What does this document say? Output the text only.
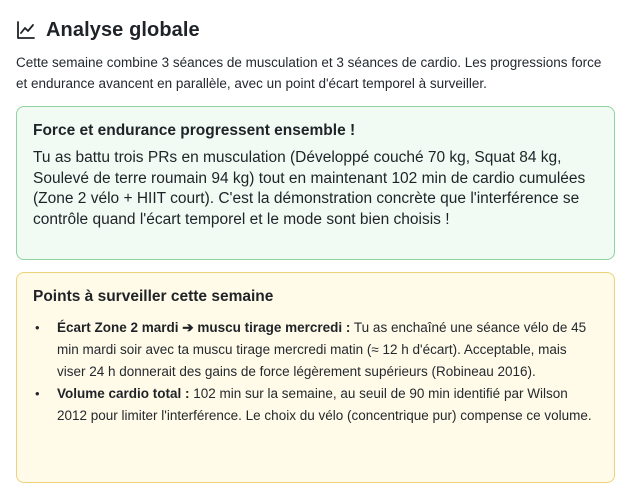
Analyse globale

Cette semaine combine 3 séances de musculation et 3 séances de cardio. Les progressions force et endurance avancent en parallèle, avec un point d'écart temporel à surveiller.

Force et endurance progressent ensemble !
Tu as battu trois PRs en musculation (Développé couché 70 kg, Squat 84 kg, Soulevé de terre roumain 94 kg) tout en maintenant 102 min de cardio cumulées (Zone 2 vélo + HIIT court). C'est la démonstration concrète que l'interférence se contrôle quand l'écart temporel et le mode sont bien choisis !
Points à surveiller cette semaine
• Écart Zone 2 mardi ➔ muscu tirage mercredi : Tu as enchaîné une séance vélo de 45 min mardi soir avec ta muscu tirage mercredi matin (≈ 12 h d'écart). Acceptable, mais viser 24 h donnerait des gains de force légèrement supérieurs (Robineau 2016).
• Volume cardio total : 102 min sur la semaine, au seuil de 90 min identifié par Wilson 2012 pour limiter l'interférence. Le choix du vélo (concentrique pur) compense ce volume.
